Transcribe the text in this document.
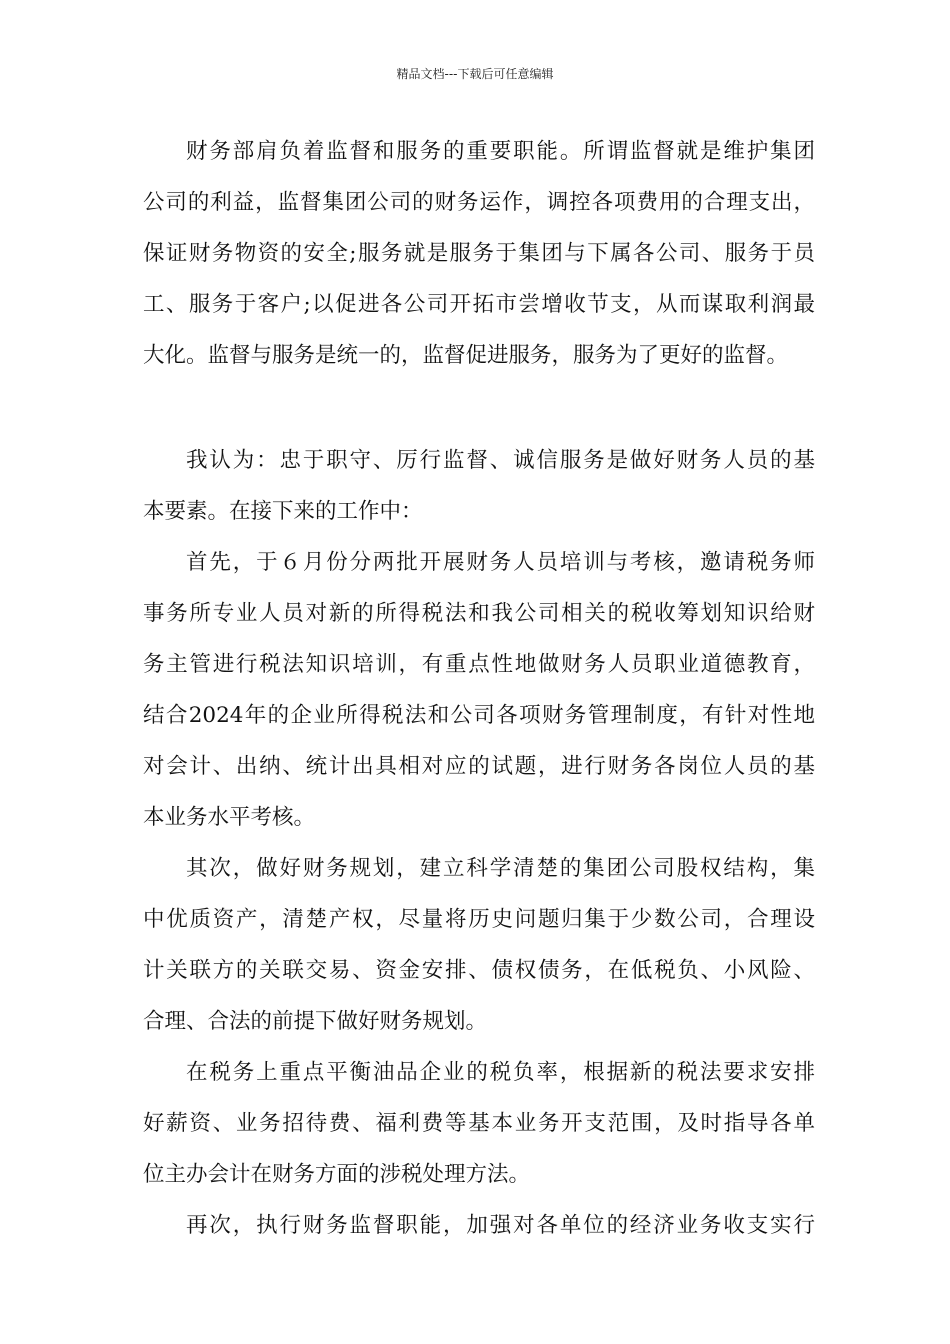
精品文档---下载后可任意编辑
财务部肩负着监督和服务的重要职能。所谓监督就是维护集团
公司的利益，监督集团公司的财务运作，调控各项费用的合理支出，
保证财务物资的安全;服务就是服务于集团与下属各公司、服务于员
工、服务于客户;以促进各公司开拓市尝增收节支，从而谋取利润最
大化。监督与服务是统一的，监督促进服务，服务为了更好的监督。
我认为：忠于职守、厉行监督、诚信服务是做好财务人员的基
本要素。在接下来的工作中：
首先，于６月份分两批开展财务人员培训与考核，邀请税务师
事务所专业人员对新的所得税法和我公司相关的税收筹划知识给财
务主管进行税法知识培训，有重点性地做财务人员职业道德教育，
结合2024年的企业所得税法和公司各项财务管理制度，有针对性地
对会计、出纳、统计出具相对应的试题，进行财务各岗位人员的基
本业务水平考核。
其次，做好财务规划，建立科学清楚的集团公司股权结构，集
中优质资产，清楚产权，尽量将历史问题归集于少数公司，合理设
计关联方的关联交易、资金安排、债权债务，在低税负、小风险、
合理、合法的前提下做好财务规划。
在税务上重点平衡油品企业的税负率，根据新的税法要求安排
好薪资、业务招待费、福利费等基本业务开支范围，及时指导各单
位主办会计在财务方面的涉税处理方法。
再次，执行财务监督职能，加强对各单位的经济业务收支实行
